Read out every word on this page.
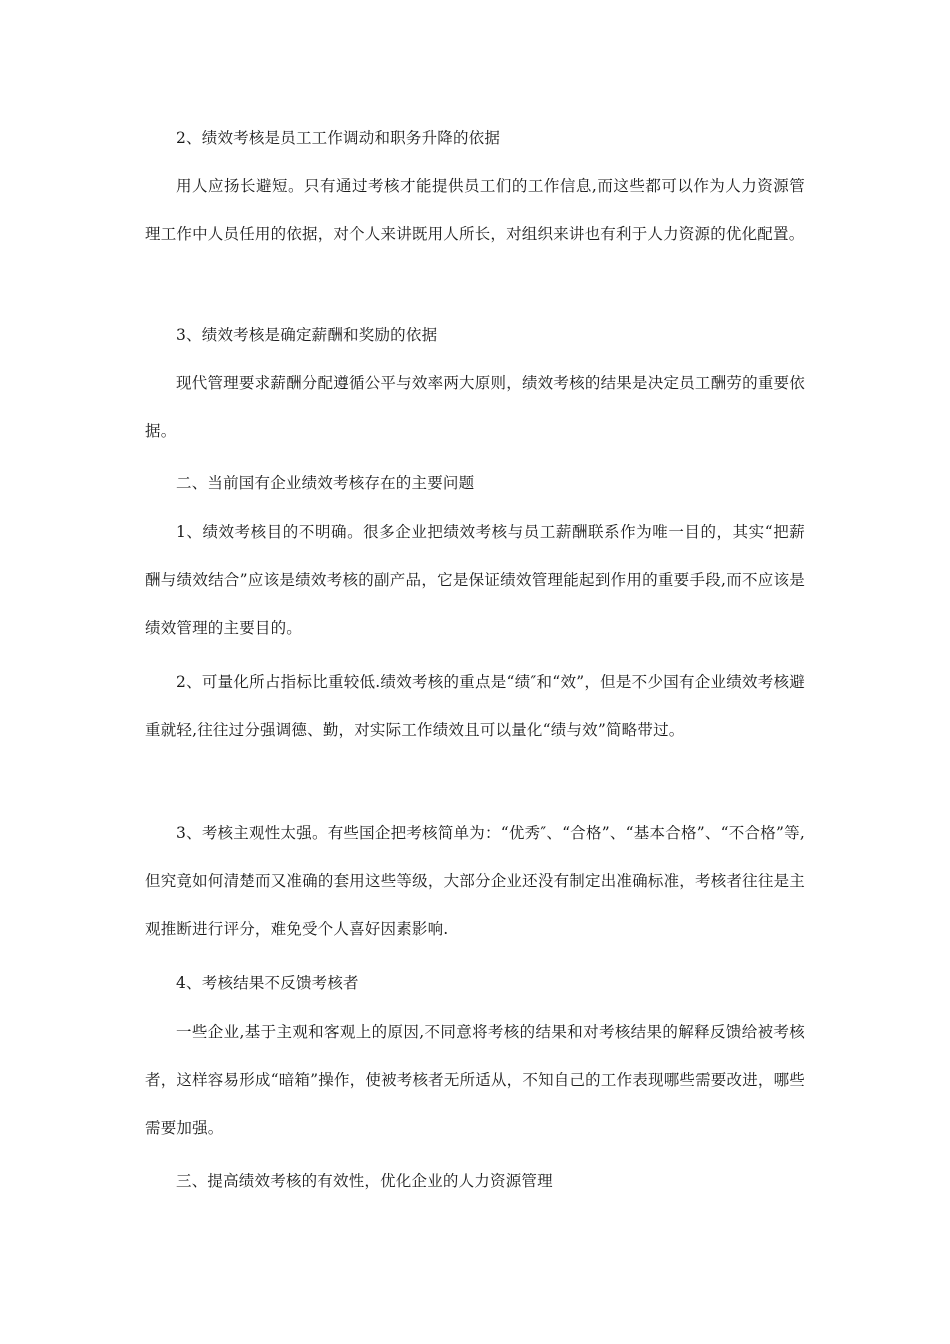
2、绩效考核是员工工作调动和职务升降的依据

用人应扬长避短。只有通过考核才能提供员工们的工作信息,而这些都可以作为人力资源管理工作中人员任用的依据，对个人来讲既用人所长，对组织来讲也有利于人力资源的优化配置。

3、绩效考核是确定薪酬和奖励的依据

现代管理要求薪酬分配遵循公平与效率两大原则，绩效考核的结果是决定员工酬劳的重要依据。

二、当前国有企业绩效考核存在的主要问题

1、绩效考核目的不明确。很多企业把绩效考核与员工薪酬联系作为唯一目的，其实“把薪酬与绩效结合”应该是绩效考核的副产品，它是保证绩效管理能起到作用的重要手段,而不应该是绩效管理的主要目的。

2、可量化所占指标比重较低.绩效考核的重点是“绩″和“效”，但是不少国有企业绩效考核避重就轻,往往过分强调德、勤，对实际工作绩效且可以量化“绩与效”简略带过。

3、考核主观性太强。有些国企把考核简单为：“优秀″、“合格”、“基本合格”、“不合格”等,但究竟如何清楚而又准确的套用这些等级，大部分企业还没有制定出准确标准，考核者往往是主观推断进行评分，难免受个人喜好因素影响.

4、考核结果不反馈考核者

一些企业,基于主观和客观上的原因,不同意将考核的结果和对考核结果的解释反馈给被考核者，这样容易形成“暗箱”操作，使被考核者无所适从，不知自己的工作表现哪些需要改进，哪些需要加强。

三、提高绩效考核的有效性，优化企业的人力资源管理
